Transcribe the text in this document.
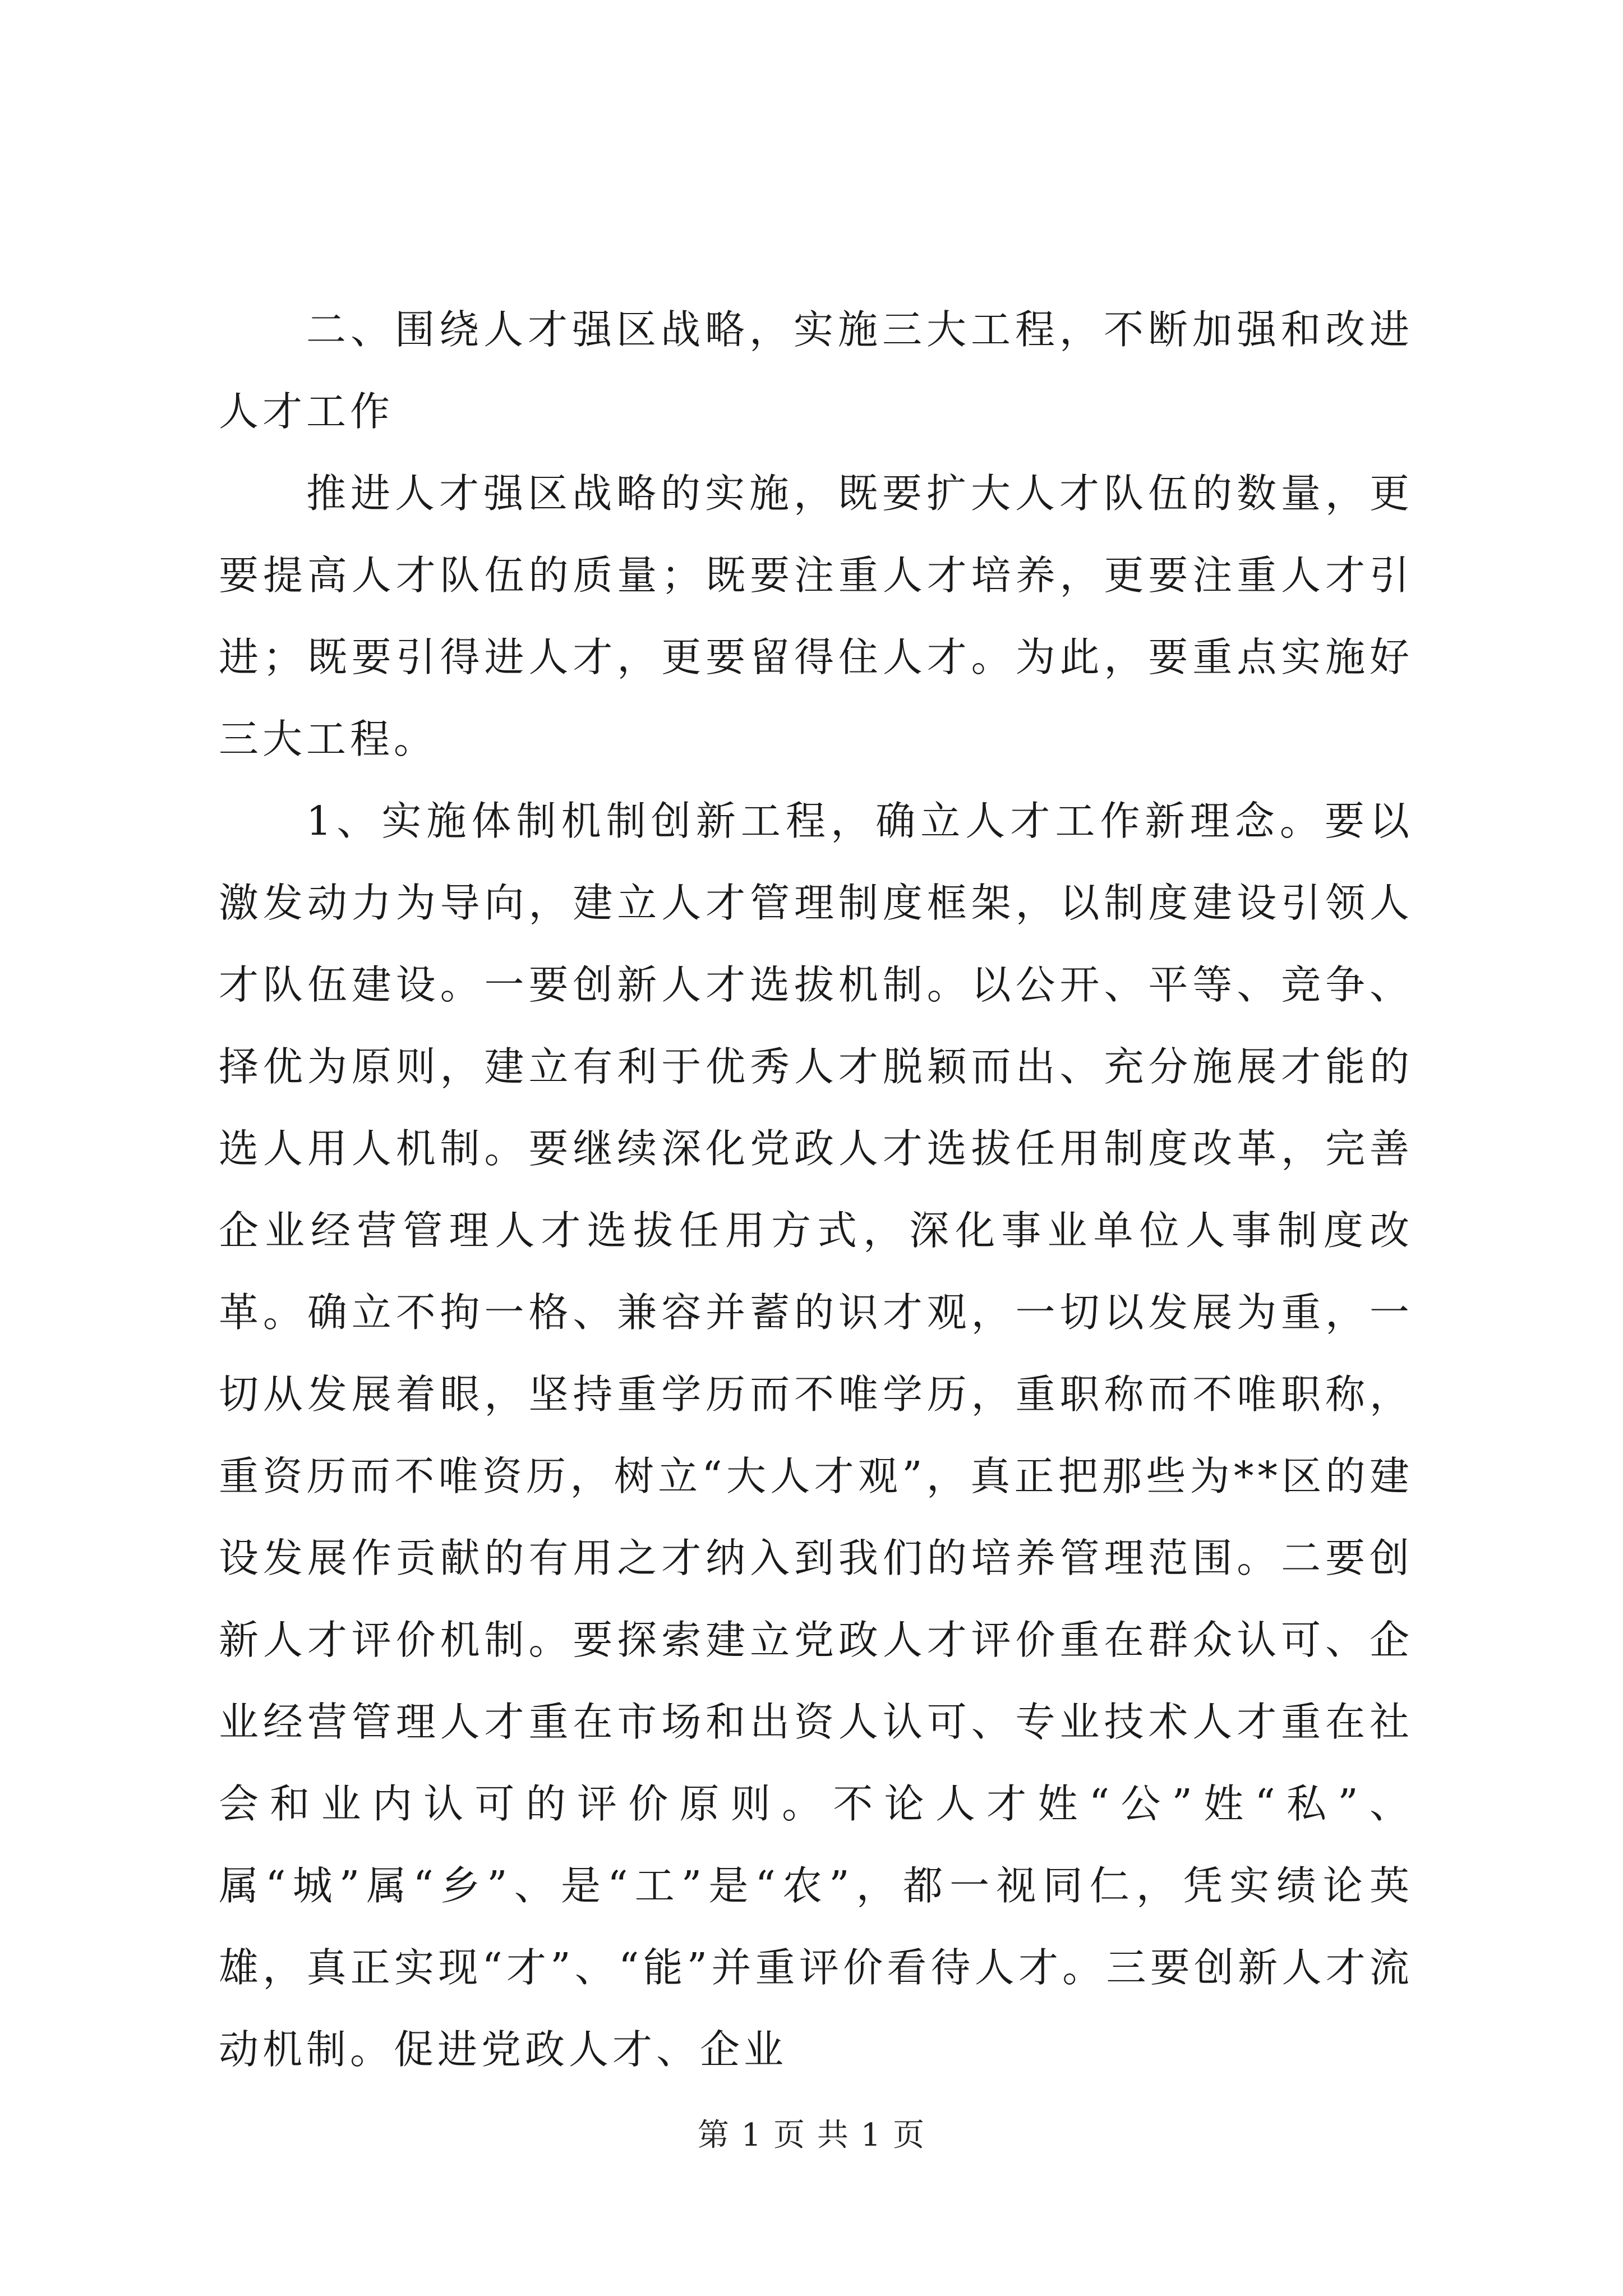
二、围绕人才强区战略，实施三大工程，不断加强和改进人才工作

推进人才强区战略的实施，既要扩大人才队伍的数量，更要提高人才队伍的质量；既要注重人才培养，更要注重人才引进；既要引得进人才，更要留得住人才。为此，要重点实施好三大工程。

1、实施体制机制创新工程，确立人才工作新理念。要以激发动力为导向，建立人才管理制度框架，以制度建设引领人才队伍建设。一要创新人才选拔机制。以公开、平等、竞争、择优为原则，建立有利于优秀人才脱颖而出、充分施展才能的选人用人机制。要继续深化党政人才选拔任用制度改革，完善企业经营管理人才选拔任用方式，深化事业单位人事制度改革。确立不拘一格、兼容并蓄的识才观，一切以发展为重，一切从发展着眼，坚持重学历而不唯学历，重职称而不唯职称，重资历而不唯资历，树立“大人才观”，真正把那些为**区的建设发展作贡献的有用之才纳入到我们的培养管理范围。二要创新人才评价机制。要探索建立党政人才评价重在群众认可、企业经营管理人才重在市场和出资人认可、专业技术人才重在社会和业内认可的评价原则。不论人才姓“公”姓“私”、属“城”属“乡”、是“工”是“农”，都一视同仁，凭实绩论英雄，真正实现“才”、“能”并重评价看待人才。三要创新人才流动机制。促进党政人才、企业

第 1 页 共 1 页
